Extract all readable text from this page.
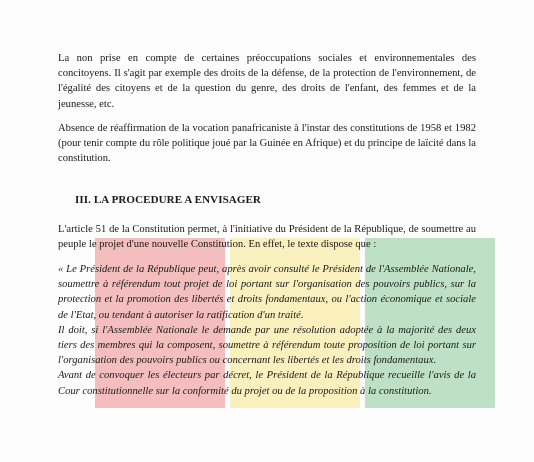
La non prise en compte de certaines préoccupations sociales et environnementales des concitoyens. Il s'agit par exemple des droits de la défense, de la protection de l'environnement, de l'égalité des citoyens et de la question du genre, des droits de l'enfant, des femmes et de la jeunesse, etc.

Absence de réaffirmation de la vocation panafricaniste à l'instar des constitutions de 1958 et 1982 (pour tenir compte du rôle politique joué par la Guinée en Afrique) et du principe de laïcité dans la constitution.

III. LA PROCEDURE A ENVISAGER

L'article 51 de la Constitution permet, à l'initiative du Président de la République, de soumettre au peuple le projet d'une nouvelle Constitution. En effet, le texte dispose que :

« Le Président de la République peut, après avoir consulté le Président de l'Assemblée Nationale, soumettre à référendum tout projet de loi portant sur l'organisation des pouvoirs publics, sur la protection et la promotion des libertés et droits fondamentaux, ou l'action économique et sociale de l'Etat, ou tendant à autoriser la ratification d'un traité.

Il doit, si l'Assemblée Nationale le demande par une résolution adoptée à la majorité des deux tiers des membres qui la composent, soumettre à référendum toute proposition de loi portant sur l'organisation des pouvoirs publics ou concernant les libertés et les droits fondamentaux.

Avant de convoquer les électeurs par décret, le Président de la République recueille l'avis de la Cour constitutionnelle sur la conformité du projet ou de la proposition à la constitution.
